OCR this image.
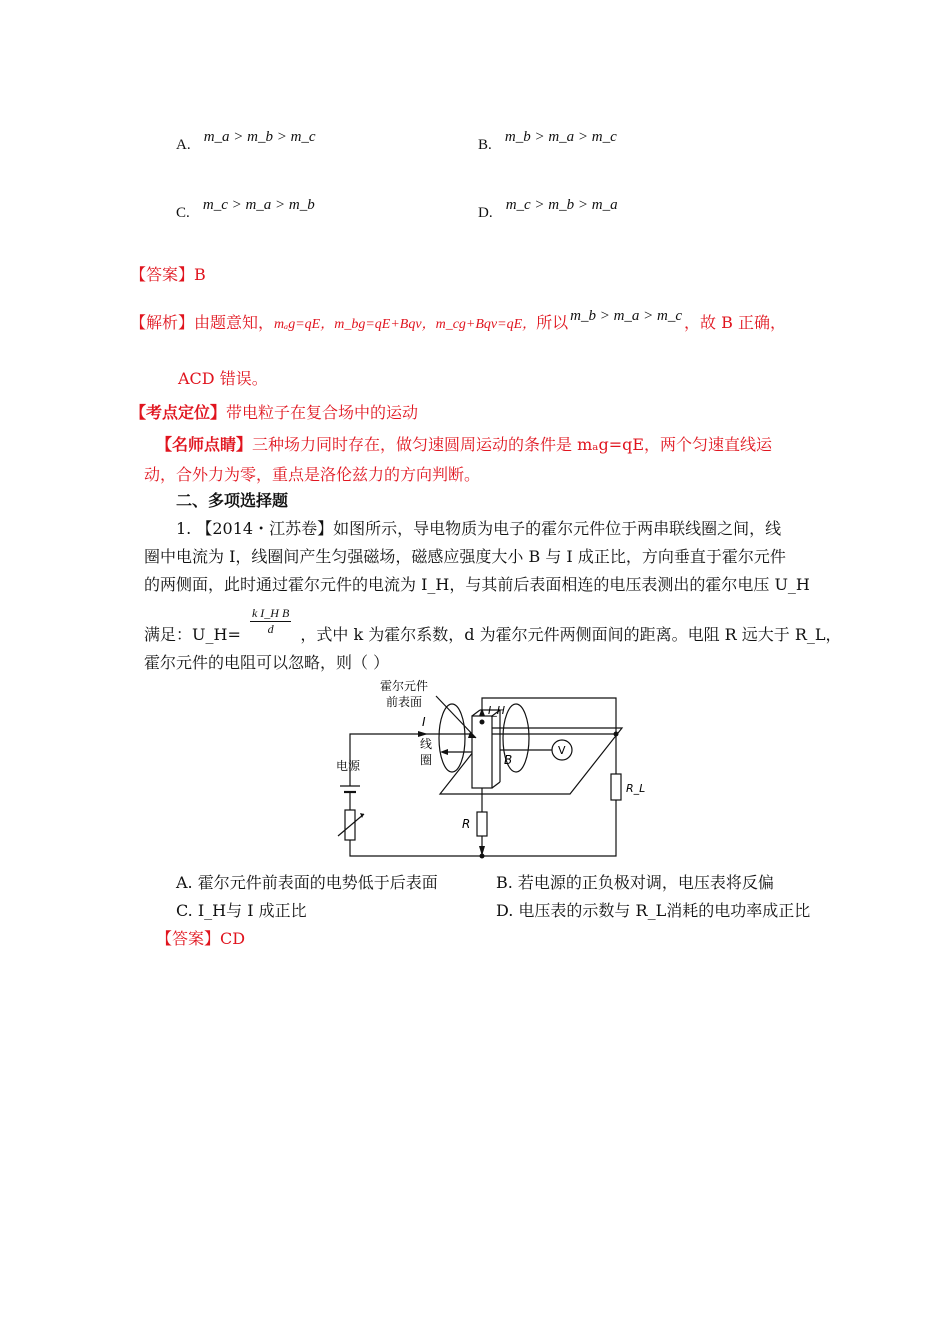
A. m_a > m_b > m_c	B. m_b > m_a > m_c
C. m_c > m_a > m_b	D. m_c > m_b > m_a
【答案】B
【解析】由题意知，mₐg=qE，m_bg=qE+Bqv，m_cg+Bqv=qE，所以 m_b > m_a > m_c ，故 B 正确，
ACD 错误。
【考点定位】带电粒子在复合场中的运动
【名师点睛】三种场力同时存在，做匀速圆周运动的条件是 mₐg=qE，两个匀速直线运
动，合外力为零，重点是洛伦兹力的方向判断。
二、多项选择题
1. 【2014・江苏卷】如图所示，导电物质为电子的霍尔元件位于两串联线圈之间，线
圈中电流为 I，线圈间产生匀强磁场，磁感应强度大小 B 与 I 成正比，方向垂直于霍尔元件
的两侧面，此时通过霍尔元件的电流为 I_H，与其前后表面相连的电压表测出的霍尔电压 U_H
满足：U_H= $\frac{\text{k I\_H B}}{d}$ ，式中 k 为霍尔系数，d 为霍尔元件两侧面间的距离。电阻 R 远大于 R_L，
霍尔元件的电阻可以忽略，则（ ）
霍尔元件
前表面
I
I_H
线
圈	B
V
电源
R
R_L
A. 霍尔元件前表面的电势低于后表面	B. 若电源的正负极对调，电压表将反偏
C. I_H与 I 成正比	D. 电压表的示数与 R_L消耗的电功率成正比
【答案】CD
